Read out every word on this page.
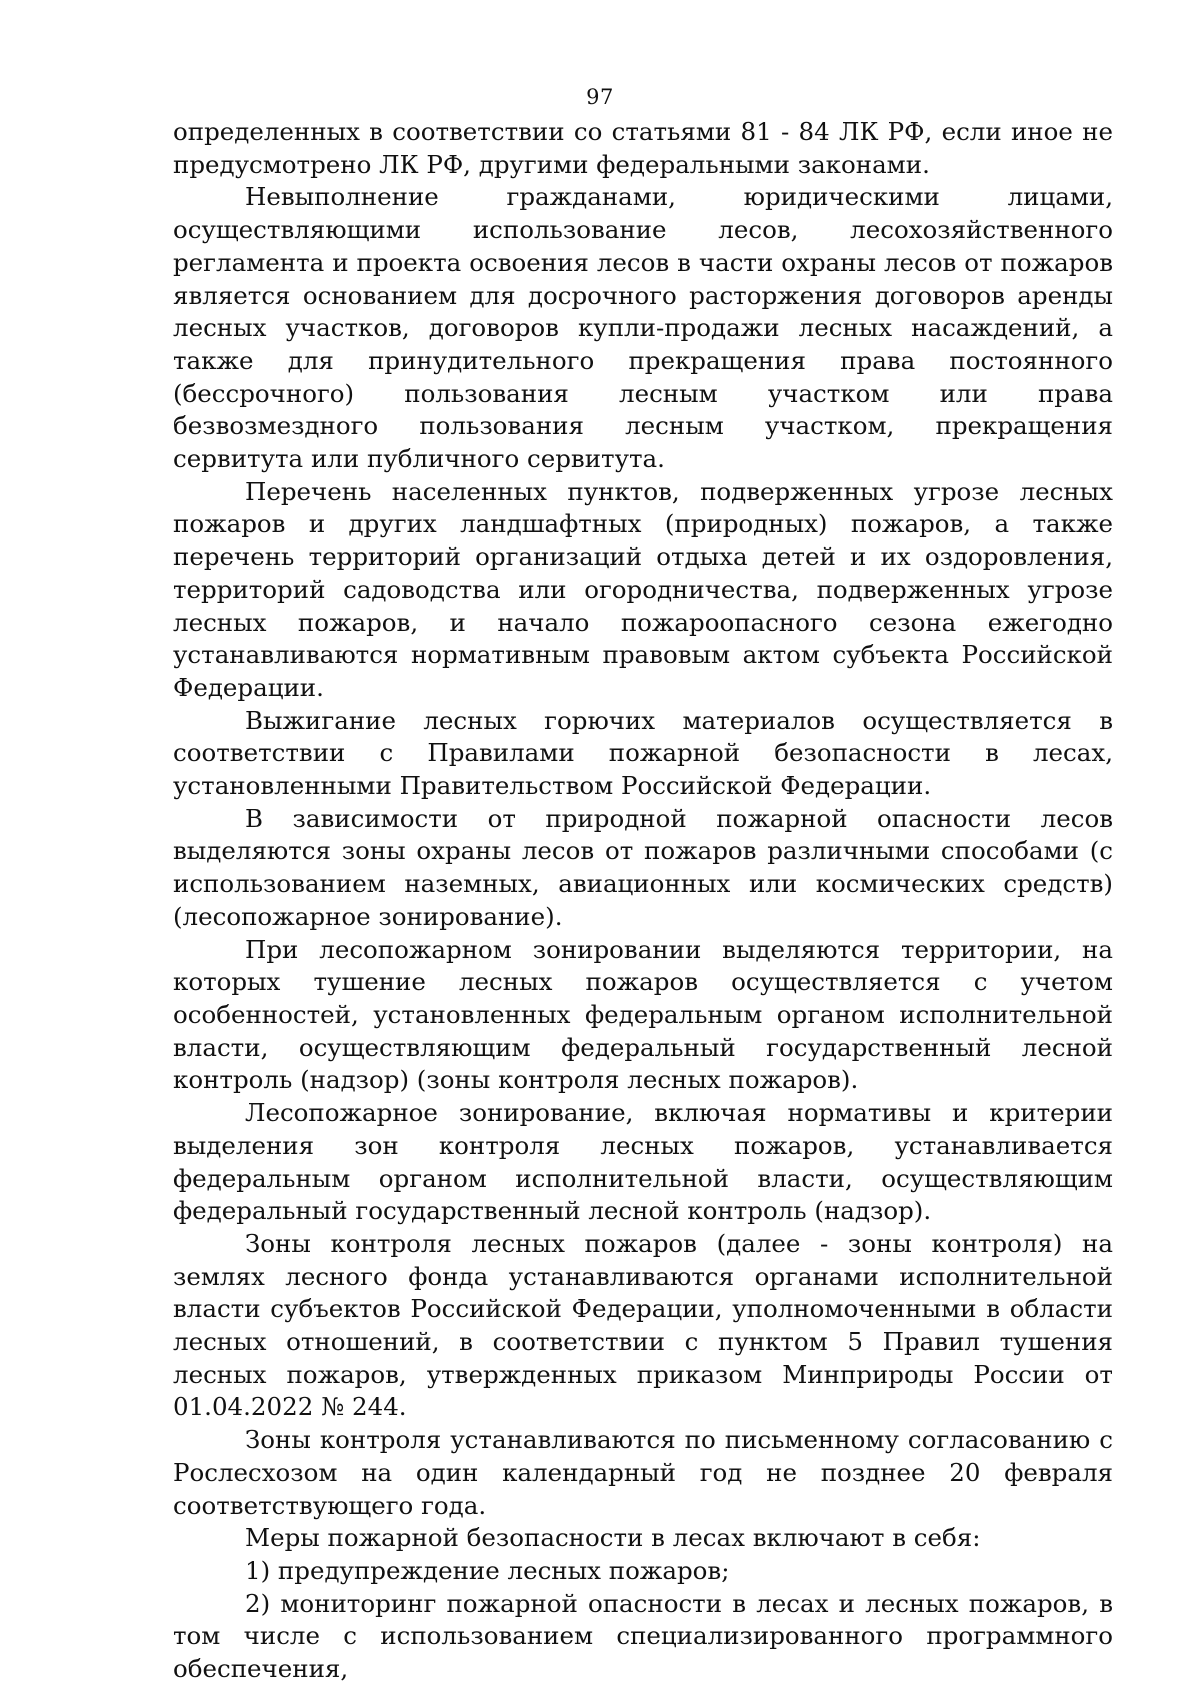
97

определенных в соответствии со статьями 81 - 84 ЛК РФ, если иное не предусмотрено ЛК РФ, другими федеральными законами.

Невыполнение гражданами, юридическими лицами, осуществляющими использование лесов, лесохозяйственного регламента и проекта освоения лесов в части охраны лесов от пожаров является основанием для досрочного расторжения договоров аренды лесных участков, договоров купли-продажи лесных насаждений, а также для принудительного прекращения права постоянного (бессрочного) пользования лесным участком или права безвозмездного пользования лесным участком, прекращения сервитута или публичного сервитута.

Перечень населенных пунктов, подверженных угрозе лесных пожаров и других ландшафтных (природных) пожаров, а также перечень территорий организаций отдыха детей и их оздоровления, территорий садоводства или огородничества, подверженных угрозе лесных пожаров, и начало пожароопасного сезона ежегодно устанавливаются нормативным правовым актом субъекта Российской Федерации.

Выжигание лесных горючих материалов осуществляется в соответствии с Правилами пожарной безопасности в лесах, установленными Правительством Российской Федерации.

В зависимости от природной пожарной опасности лесов выделяются зоны охраны лесов от пожаров различными способами (с использованием наземных, авиационных или космических средств) (лесопожарное зонирование).

При лесопожарном зонировании выделяются территории, на которых тушение лесных пожаров осуществляется с учетом особенностей, установленных федеральным органом исполнительной власти, осуществляющим федеральный государственный лесной контроль (надзор) (зоны контроля лесных пожаров).

Лесопожарное зонирование, включая нормативы и критерии выделения зон контроля лесных пожаров, устанавливается федеральным органом исполнительной власти, осуществляющим федеральный государственный лесной контроль (надзор).

Зоны контроля лесных пожаров (далее - зоны контроля) на землях лесного фонда устанавливаются органами исполнительной власти субъектов Российской Федерации, уполномоченными в области лесных отношений, в соответствии с пунктом 5 Правил тушения лесных пожаров, утвержденных приказом Минприроды России от 01.04.2022 № 244.

Зоны контроля устанавливаются по письменному согласованию с Рослесхозом на один календарный год не позднее 20 февраля соответствующего года.

Меры пожарной безопасности в лесах включают в себя:

1) предупреждение лесных пожаров;

2) мониторинг пожарной опасности в лесах и лесных пожаров, в том числе с использованием специализированного программного обеспечения,
